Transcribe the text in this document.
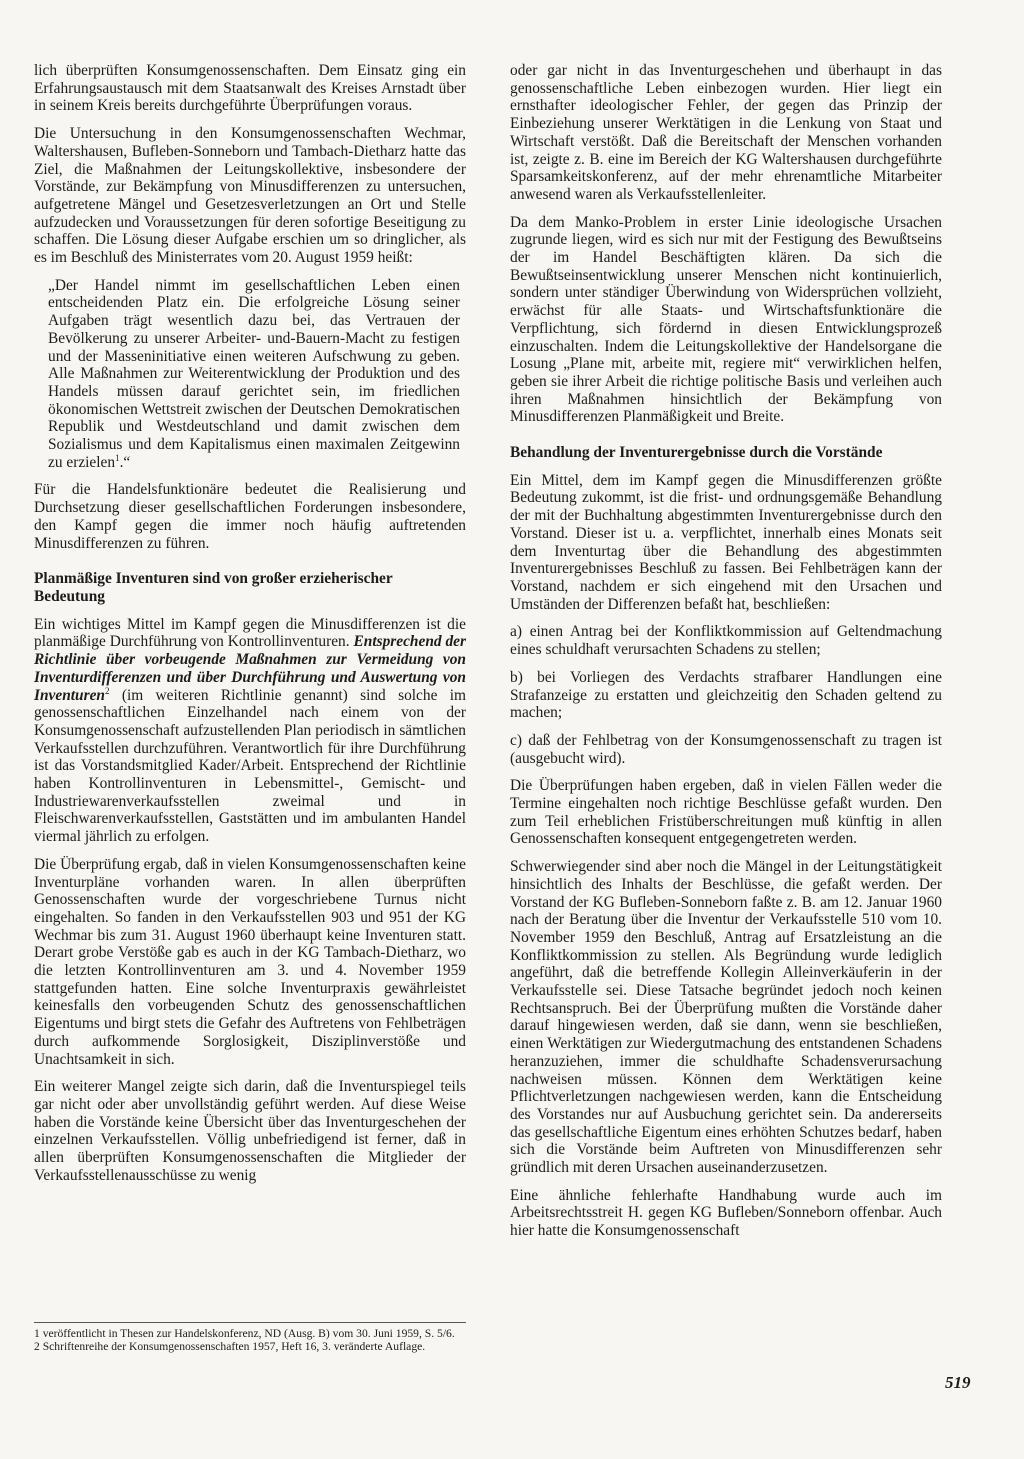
lich überprüften Konsumgenossenschaften. Dem Einsatz ging ein Erfahrungsaustausch mit dem Staatsanwalt des Kreises Arnstadt über in seinem Kreis bereits durchgeführte Überprüfungen voraus.

Die Untersuchung in den Konsumgenossenschaften Wechmar, Waltershausen, Bufleben-Sonneborn und Tambach-Dietharz hatte das Ziel, die Maßnahmen der Leitungskollektive, insbesondere der Vorstände, zur Bekämpfung von Minusdifferenzen zu untersuchen, aufgetretene Mängel und Gesetzesverletzungen an Ort und Stelle aufzudecken und Voraussetzungen für deren sofortige Beseitigung zu schaffen. Die Lösung dieser Aufgabe erschien um so dringlicher, als es im Beschluß des Ministerrates vom 20. August 1959 heißt:

„Der Handel nimmt im gesellschaftlichen Leben einen entscheidenden Platz ein. Die erfolgreiche Lösung seiner Aufgaben trägt wesentlich dazu bei, das Vertrauen der Bevölkerung zu unserer Arbeiter- und-Bauern-Macht zu festigen und der Masseninitiative einen weiteren Aufschwung zu geben. Alle Maßnahmen zur Weiterentwicklung der Produktion und des Handels müssen darauf gerichtet sein, im friedlichen ökonomischen Wettstreit zwischen der Deutschen Demokratischen Republik und Westdeutschland und damit zwischen dem Sozialismus und dem Kapitalismus einen maximalen Zeitgewinn zu erzielen$^1$.“

Für die Handelsfunktionäre bedeutet die Realisierung und Durchsetzung dieser gesellschaftlichen Forderungen insbesondere, den Kampf gegen die immer noch häufig auftretenden Minusdifferenzen zu führen.

Planmäßige Inventuren sind von großer erzieherischer Bedeutung

Ein wichtiges Mittel im Kampf gegen die Minusdifferenzen ist die planmäßige Durchführung von Kontrollinventuren. Entsprechend der Richtlinie über vorbeugende Maßnahmen zur Vermeidung von Inventurdifferenzen und über Durchführung und Auswertung von Inventuren$^2$ (im weiteren Richtlinie genannt) sind solche im genossenschaftlichen Einzelhandel nach einem von der Konsumgenossenschaft aufzustellenden Plan periodisch in sämtlichen Verkaufsstellen durchzuführen. Verantwortlich für ihre Durchführung ist das Vorstandsmitglied Kader/Arbeit. Entsprechend der Richtlinie haben Kontrollinventuren in Lebensmittel-, Gemischt- und Industriewarenverkaufsstellen zweimal und in Fleischwarenverkaufsstellen, Gaststätten und im ambulanten Handel viermal jährlich zu erfolgen.

Die Überprüfung ergab, daß in vielen Konsumgenossenschaften keine Inventurpläne vorhanden waren. In allen überprüften Genossenschaften wurde der vorgeschriebene Turnus nicht eingehalten. So fanden in den Verkaufsstellen 903 und 951 der KG Wechmar bis zum 31. August 1960 überhaupt keine Inventuren statt. Derart grobe Verstöße gab es auch in der KG Tambach-Dietharz, wo die letzten Kontrollinventuren am 3. und 4. November 1959 stattgefunden hatten. Eine solche Inventurpraxis gewährleistet keinesfalls den vorbeugenden Schutz des genossenschaftlichen Eigentums und birgt stets die Gefahr des Auftretens von Fehlbeträgen durch aufkommende Sorglosigkeit, Disziplinverstöße und Unachtsamkeit in sich.

Ein weiterer Mangel zeigte sich darin, daß die Inventurspiegel teils gar nicht oder aber unvollständig geführt werden. Auf diese Weise haben die Vorstände keine Übersicht über das Inventurgeschehen der einzelnen Verkaufsstellen. Völlig unbefriedigend ist ferner, daß in allen überprüften Konsumgenossenschaften die Mitglieder der Verkaufsstellenausschüsse zu wenig

oder gar nicht in das Inventurgeschehen und überhaupt in das genossenschaftliche Leben einbezogen wurden. Hier liegt ein ernsthafter ideologischer Fehler, der gegen das Prinzip der Einbeziehung unserer Werktätigen in die Lenkung von Staat und Wirtschaft verstößt. Daß die Bereitschaft der Menschen vorhanden ist, zeigte z. B. eine im Bereich der KG Waltershausen durchgeführte Sparsamkeitskonferenz, auf der mehr ehrenamtliche Mitarbeiter anwesend waren als Verkaufsstellenleiter.

Da dem Manko-Problem in erster Linie ideologische Ursachen zugrunde liegen, wird es sich nur mit der Festigung des Bewußtseins der im Handel Beschäftigten klären. Da sich die Bewußtseinsentwicklung unserer Menschen nicht kontinuierlich, sondern unter ständiger Überwindung von Widersprüchen vollzieht, erwächst für alle Staats- und Wirtschaftsfunktionäre die Verpflichtung, sich fördernd in diesen Entwicklungsprozeß einzuschalten. Indem die Leitungskollektive der Handelsorgane die Losung „Plane mit, arbeite mit, regiere mit“ verwirklichen helfen, geben sie ihrer Arbeit die richtige politische Basis und verleihen auch ihren Maßnahmen hinsichtlich der Bekämpfung von Minusdifferenzen Planmäßigkeit und Breite.

Behandlung der Inventurergebnisse durch die Vorstände

Ein Mittel, dem im Kampf gegen die Minusdifferenzen größte Bedeutung zukommt, ist die frist- und ordnungsgemäße Behandlung der mit der Buchhaltung abgestimmten Inventurergebnisse durch den Vorstand. Dieser ist u. a. verpflichtet, innerhalb eines Monats seit dem Inventurtag über die Behandlung des abgestimmten Inventurergebnisses Beschluß zu fassen. Bei Fehlbeträgen kann der Vorstand, nachdem er sich eingehend mit den Ursachen und Umständen der Differenzen befaßt hat, beschließen:

a) einen Antrag bei der Konfliktkommission auf Geltendmachung eines schuldhaft verursachten Schadens zu stellen;

b) bei Vorliegen des Verdachts strafbarer Handlungen eine Strafanzeige zu erstatten und gleichzeitig den Schaden geltend zu machen;

c) daß der Fehlbetrag von der Konsumgenossenschaft zu tragen ist (ausgebucht wird).

Die Überprüfungen haben ergeben, daß in vielen Fällen weder die Termine eingehalten noch richtige Beschlüsse gefaßt wurden. Den zum Teil erheblichen Fristüberschreitungen muß künftig in allen Genossenschaften konsequent entgegengetreten werden.

Schwerwiegender sind aber noch die Mängel in der Leitungstätigkeit hinsichtlich des Inhalts der Beschlüsse, die gefaßt werden. Der Vorstand der KG Bufleben-Sonneborn faßte z. B. am 12. Januar 1960 nach der Beratung über die Inventur der Verkaufsstelle 510 vom 10. November 1959 den Beschluß, Antrag auf Ersatzleistung an die Konfliktkommission zu stellen. Als Begründung wurde lediglich angeführt, daß die betreffende Kollegin Alleinverkäuferin in der Verkaufsstelle sei. Diese Tatsache begründet jedoch noch keinen Rechtsanspruch. Bei der Überprüfung mußten die Vorstände daher darauf hingewiesen werden, daß sie dann, wenn sie beschließen, einen Werktätigen zur Wiedergutmachung des entstandenen Schadens heranzuziehen, immer die schuldhafte Schadensverursachung nachweisen müssen. Können dem Werktätigen keine Pflichtverletzungen nachgewiesen werden, kann die Entscheidung des Vorstandes nur auf Ausbuchung gerichtet sein. Da andererseits das gesellschaftliche Eigentum eines erhöhten Schutzes bedarf, haben sich die Vorstände beim Auftreten von Minusdifferenzen sehr gründlich mit deren Ursachen auseinanderzusetzen.

Eine ähnliche fehlerhafte Handhabung wurde auch im Arbeitsrechtsstreit H. gegen KG Bufleben/Sonneborn offenbar. Auch hier hatte die Konsumgenossenschaft

1 veröffentlicht in Thesen zur Handelskonferenz, ND (Ausg. B) vom 30. Juni 1959, S. 5/6.

2 Schriftenreihe der Konsumgenossenschaften 1957, Heft 16, 3. veränderte Auflage.

519
